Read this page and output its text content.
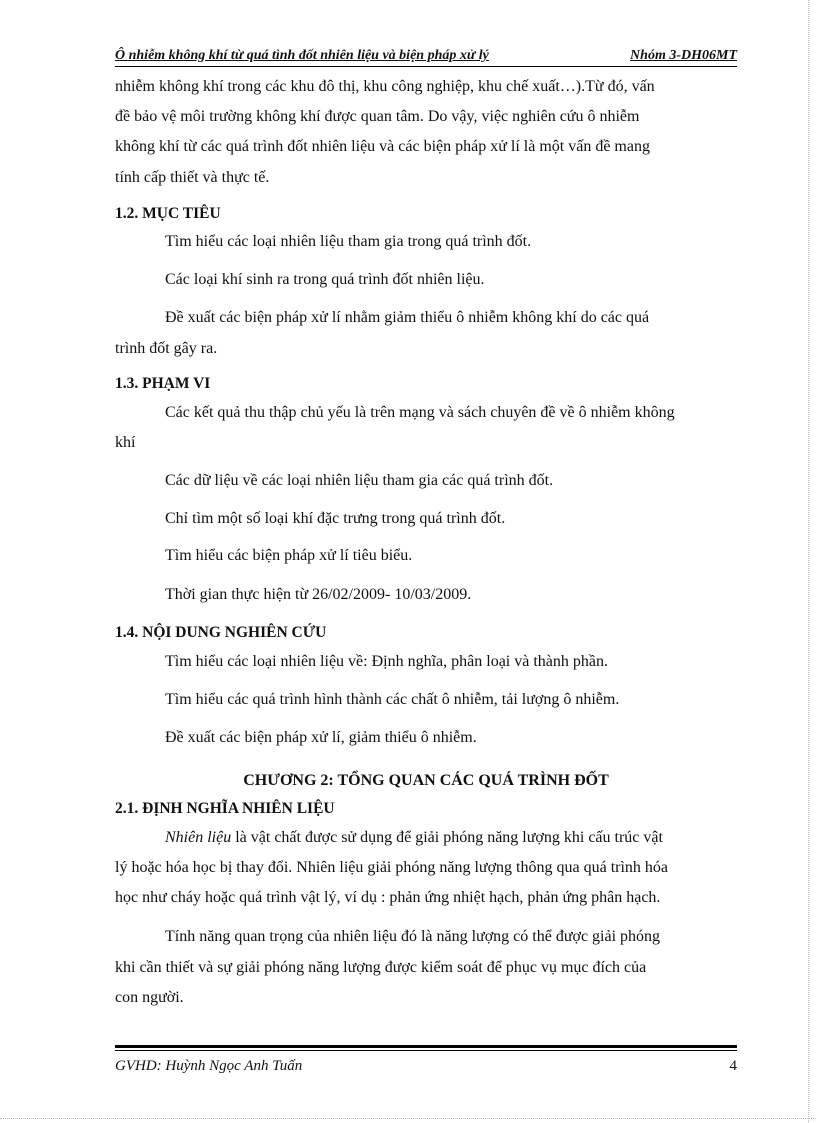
Ô nhiễm không khí từ quá tình đốt nhiên liệu và biện pháp xử lý	Nhóm 3-DH06MT
nhiễm không khí trong các khu đô thị, khu công nghiệp, khu chế xuất…).Từ đó, vấn
đề bảo vệ môi trường không khí được quan tâm. Do vậy, việc nghiên cứu ô nhiễm
không khí từ các quá trình đốt nhiên liệu và các biện pháp xử lí là một vấn đề mang
tính cấp thiết và thực tế.
1.2. MỤC TIÊU
Tìm hiểu các loại nhiên liệu tham gia trong quá trình đốt.
Các loại khí sinh ra trong quá trình đốt nhiên liệu.
Đề xuất các biện pháp xử lí nhằm giảm thiểu ô nhiễm không khí do các quá
trình đốt gây ra.
1.3. PHẠM VI
Các kết quả thu thập chủ yếu là trên mạng và sách chuyên đề về ô nhiễm không
khí
Các dữ liệu về các loại nhiên liệu tham gia các quá trình đốt.
Chỉ tìm một số loại khí đặc trưng trong quá trình đốt.
Tìm hiểu các biện pháp xử lí tiêu biểu.
Thời gian thực hiện từ 26/02/2009- 10/03/2009.
1.4. NỘI DUNG NGHIÊN CỨU
Tìm hiểu các loại nhiên liệu về: Định nghĩa, phân loại và thành phần.
Tìm hiểu các quá trình hình thành các chất ô nhiễm, tải lượng ô nhiễm.
Đề xuất các biện pháp xử lí, giảm thiểu ô nhiễm.
CHƯƠNG 2: TỔNG QUAN CÁC QUÁ TRÌNH ĐỐT
2.1. ĐỊNH NGHĨA NHIÊN LIỆU
Nhiên liệu là vật chất được sử dụng để giải phóng năng lượng khi cấu trúc vật
lý hoặc hóa học bị thay đổi. Nhiên liệu giải phóng năng lượng thông qua quá trình hóa
học như cháy hoặc quá trình vật lý, ví dụ : phản ứng nhiệt hạch, phản ứng phân hạch.
Tính năng quan trọng của nhiên liệu đó là năng lượng có thể được giải phóng
khi cần thiết và sự giải phóng năng lượng được kiểm soát để phục vụ mục đích của
con người.
GVHD: Huỳnh Ngọc Anh Tuấn	4
